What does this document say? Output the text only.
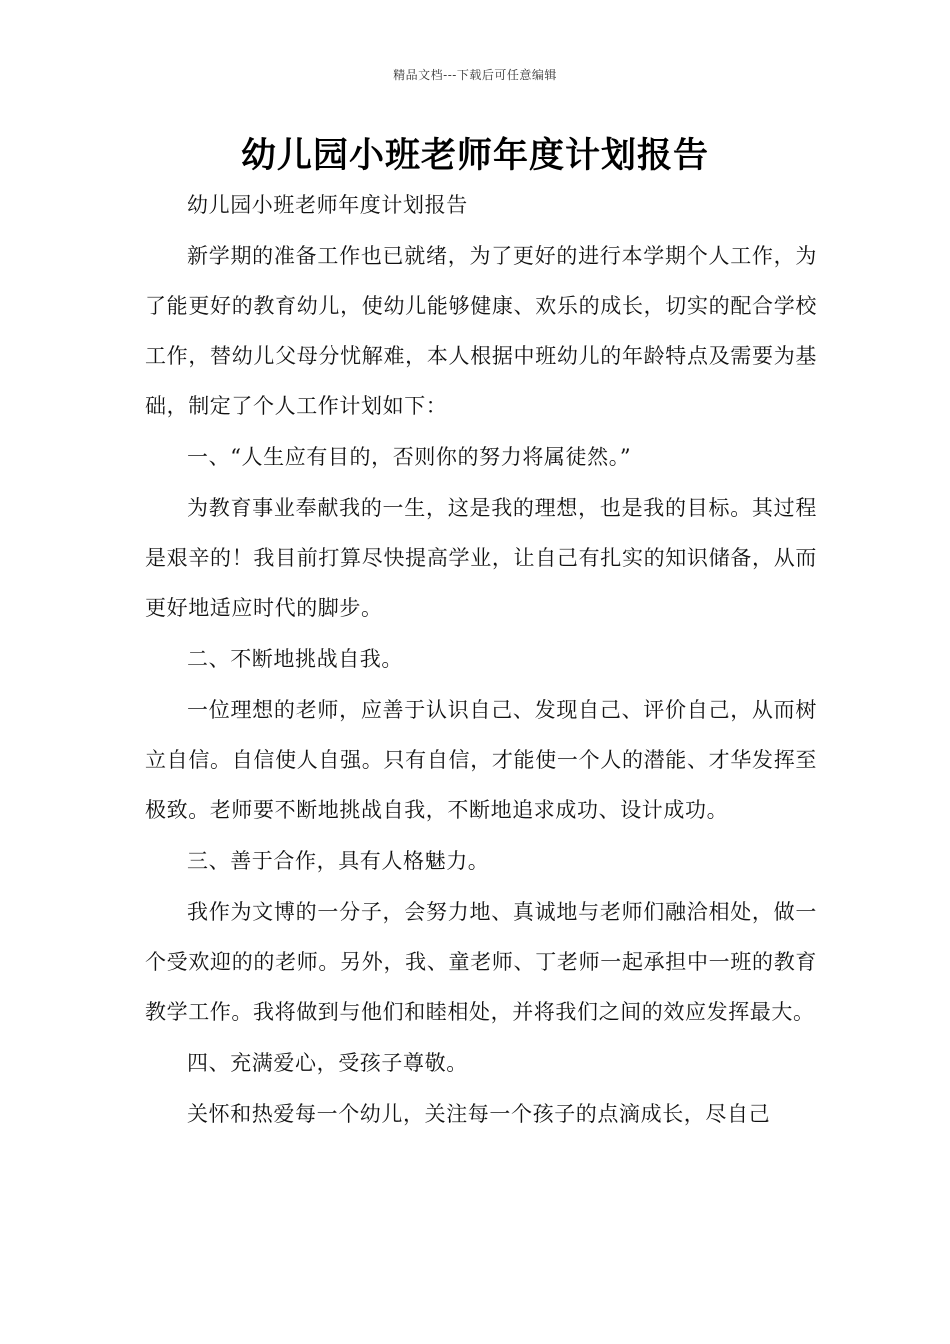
精品文档---下载后可任意编辑
幼儿园小班老师年度计划报告

幼儿园小班老师年度计划报告

新学期的准备工作也已就绪，为了更好的进行本学期个人工作，为了能更好的教育幼儿，使幼儿能够健康、欢乐的成长，切实的配合学校工作，替幼儿父母分忧解难，本人根据中班幼儿的年龄特点及需要为基础，制定了个人工作计划如下：

一、“人生应有目的，否则你的努力将属徒然。”

为教育事业奉献我的一生，这是我的理想，也是我的目标。其过程是艰辛的！我目前打算尽快提高学业，让自己有扎实的知识储备，从而更好地适应时代的脚步。

二、不断地挑战自我。

一位理想的老师，应善于认识自己、发现自己、评价自己，从而树立自信。自信使人自强。只有自信，才能使一个人的潜能、才华发挥至极致。老师要不断地挑战自我，不断地追求成功、设计成功。

三、善于合作，具有人格魅力。

我作为文博的一分子，会努力地、真诚地与老师们融洽相处，做一个受欢迎的的老师。另外，我、童老师、丁老师一起承担中一班的教育教学工作。我将做到与他们和睦相处，并将我们之间的效应发挥最大。

四、充满爱心，受孩子尊敬。

关怀和热爱每一个幼儿，关注每一个孩子的点滴成长，尽自己
